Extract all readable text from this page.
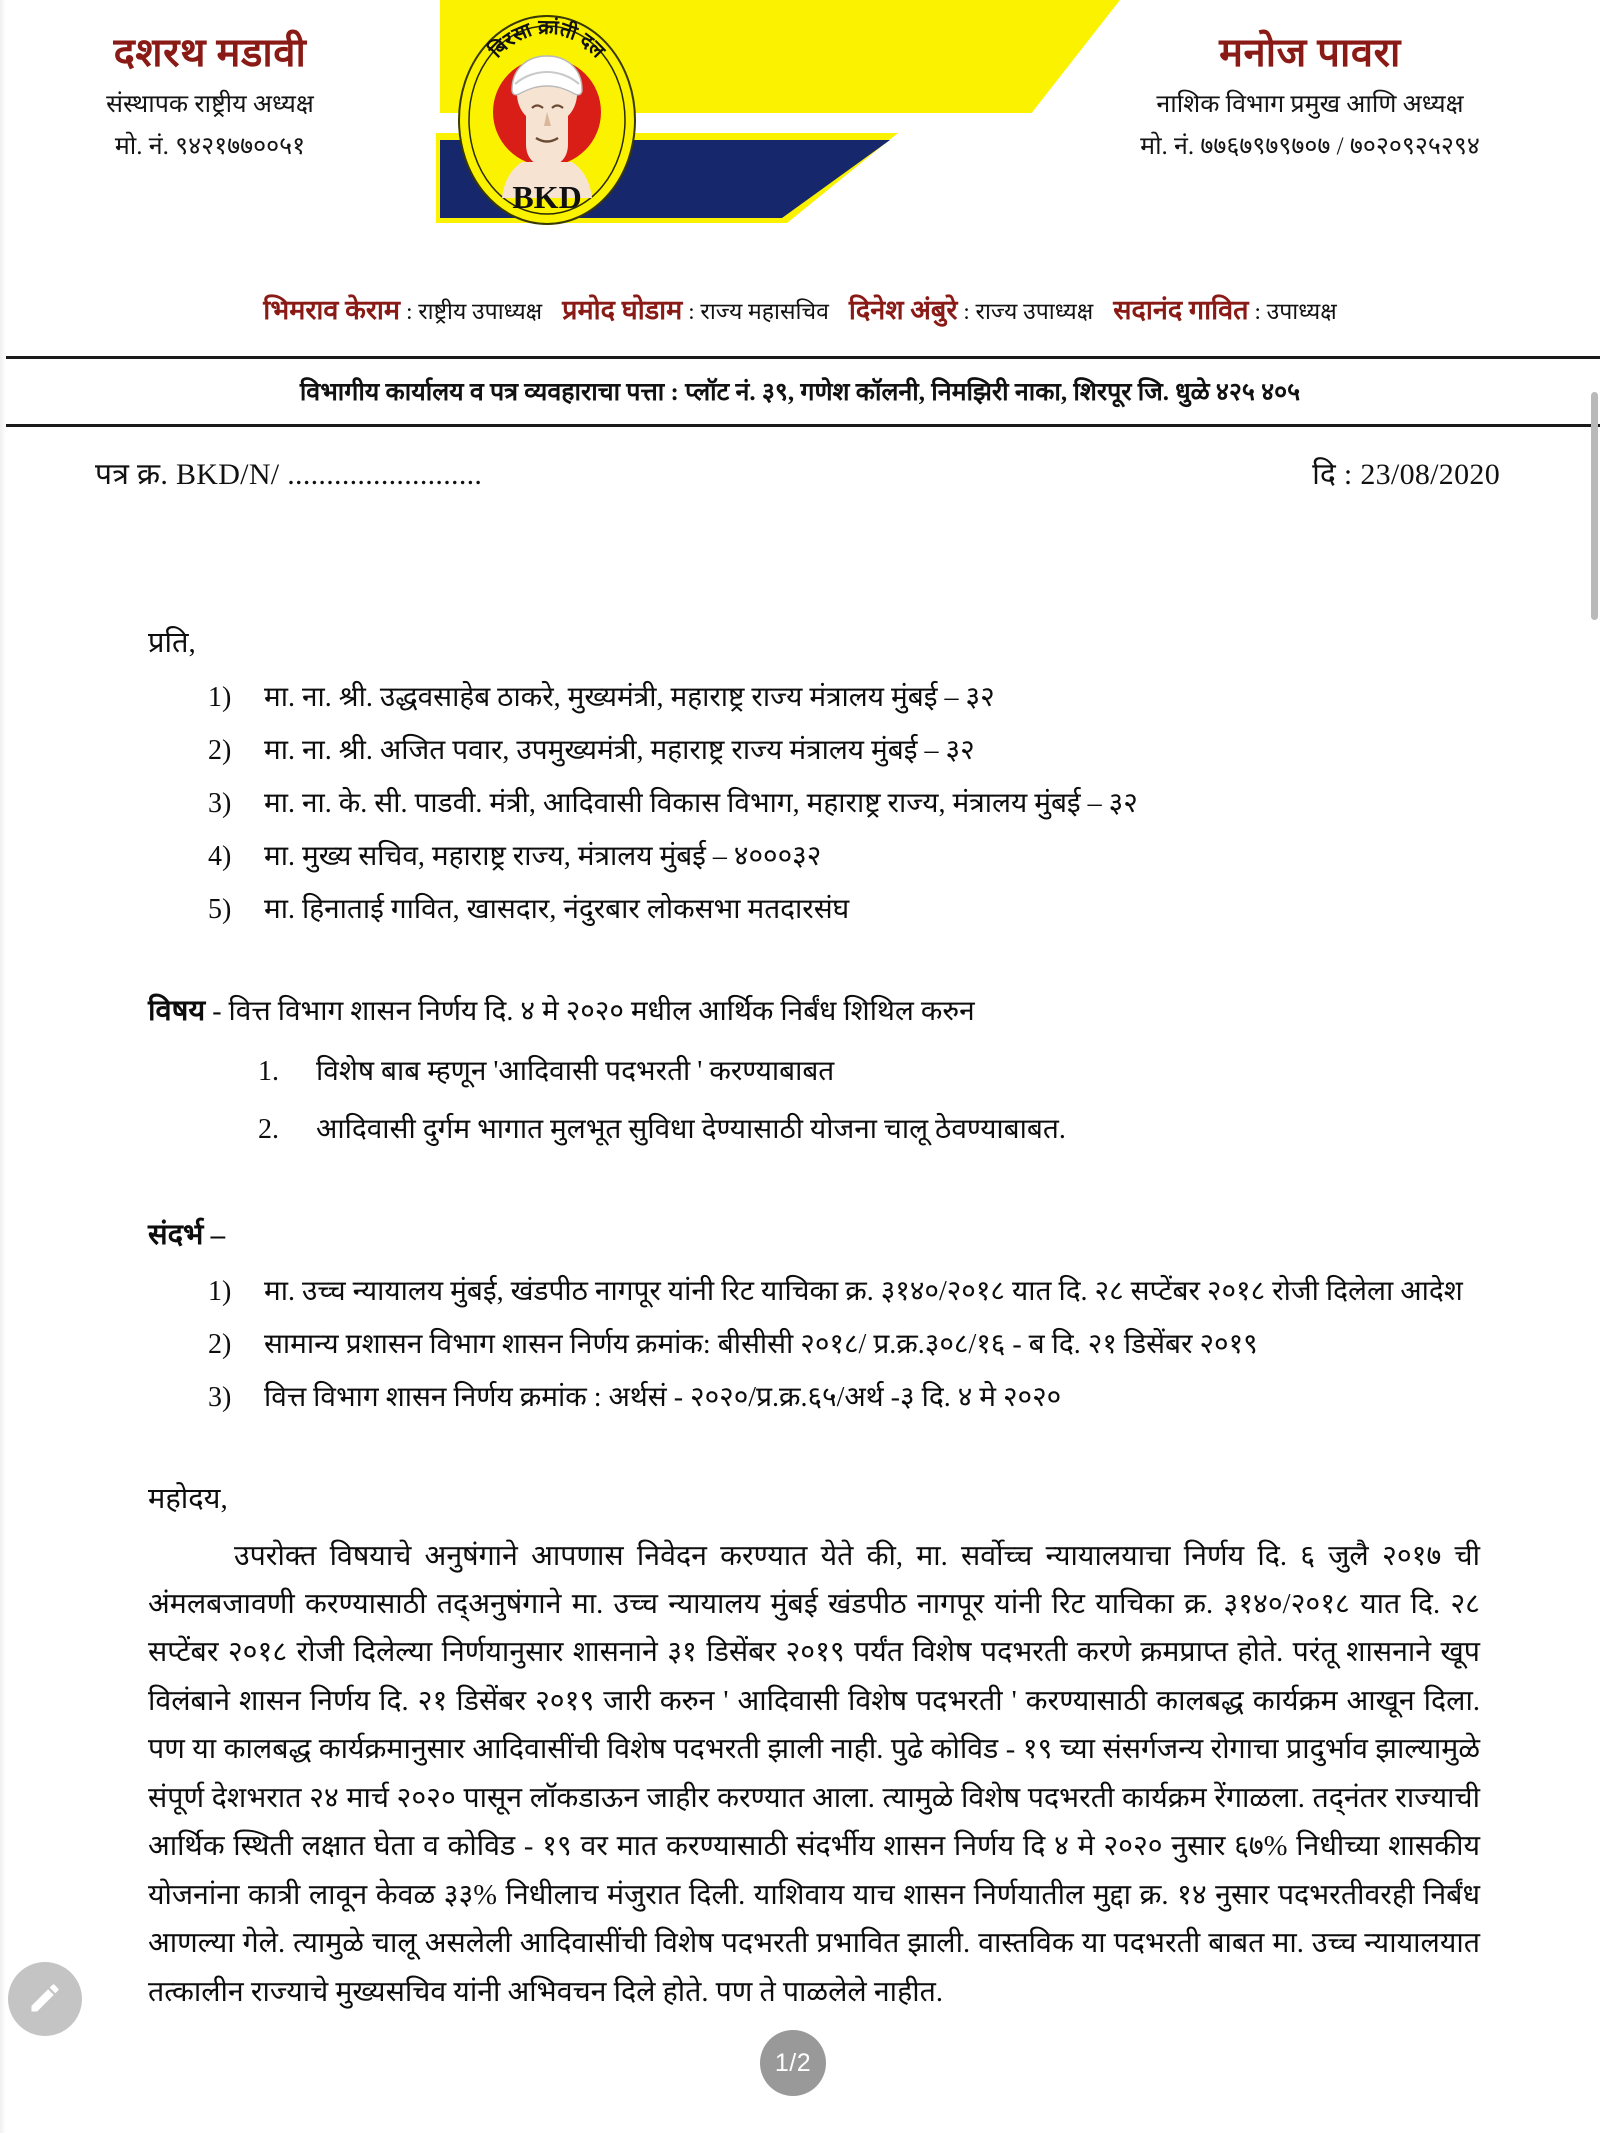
बिरसा क्रांती दल
BKD
दशरथ मडावी
संस्थापक राष्ट्रीय अध्यक्ष
मो. नं. ९४२१७७००५१
मनोज पावरा
नाशिक विभाग प्रमुख आणि अध्यक्ष
मो. नं. ७७६७९७९७०७ / ७०२०९२५२९४
भिमराव केराम : राष्ट्रीय उपाध्यक्ष प्रमोद घोडाम : राज्य महासचिव दिनेश अंबुरे : राज्य उपाध्यक्ष सदानंद गावित : उपाध्यक्ष
विभागीय कार्यालय व पत्र व्यवहाराचा पत्ता : प्लॉट नं. ३९, गणेश कॉलनी, निमझिरी नाका, शिरपूर जि. धुळे ४२५ ४०५
पत्र क्र. BKD/N/ .........................	दि : 23/08/2020
प्रति,
1)	मा. ना. श्री. उद्धवसाहेब ठाकरे, मुख्यमंत्री, महाराष्ट्र राज्य मंत्रालय मुंबई – ३२
2)	मा. ना. श्री. अजित पवार, उपमुख्यमंत्री, महाराष्ट्र राज्य मंत्रालय मुंबई – ३२
3)	मा. ना. के. सी. पाडवी. मंत्री, आदिवासी विकास विभाग, महाराष्ट्र राज्य, मंत्रालय मुंबई – ३२
4)	मा. मुख्य सचिव, महाराष्ट्र राज्य, मंत्रालय मुंबई – ४०००३२
5)	मा. हिनाताई गावित, खासदार, नंदुरबार लोकसभा मतदारसंघ
विषय - वित्त विभाग शासन निर्णय दि. ४ मे २०२० मधील आर्थिक निर्बंध शिथिल करुन
1.	विशेष बाब म्हणून 'आदिवासी पदभरती ' करण्याबाबत
2.	आदिवासी दुर्गम भागात मुलभूत सुविधा देण्यासाठी योजना चालू ठेवण्याबाबत.
संदर्भ –
1)	मा. उच्च न्यायालय मुंबई, खंडपीठ नागपूर यांनी रिट याचिका क्र. ३१४०/२०१८ यात दि. २८ सप्टेंबर २०१८ रोजी दिलेला आदेश
2)	सामान्य प्रशासन विभाग शासन निर्णय क्रमांक: बीसीसी २०१८/ प्र.क्र.३०८/१६ - ब दि. २१ डिसेंबर २०१९
3)	वित्त विभाग शासन निर्णय क्रमांक : अर्थसं - २०२०/प्र.क्र.६५/अर्थ -३ दि. ४ मे २०२०
महोदय,
उपरोक्त विषयाचे अनुषंगाने आपणास निवेदन करण्यात येते की, मा. सर्वोच्च न्यायालयाचा निर्णय दि. ६ जुलै २०१७ ची अंमलबजावणी करण्यासाठी तद्अनुषंगाने मा. उच्च न्यायालय मुंबई खंडपीठ नागपूर यांनी रिट याचिका क्र. ३१४०/२०१८ यात दि. २८ सप्टेंबर २०१८ रोजी दिलेल्या निर्णयानुसार शासनाने ३१ डिसेंबर २०१९ पर्यंत विशेष पदभरती करणे क्रमप्राप्त होते. परंतू शासनाने खूप विलंबाने शासन निर्णय दि. २१ डिसेंबर २०१९ जारी करुन ' आदिवासी विशेष पदभरती ' करण्यासाठी कालबद्ध कार्यक्रम आखून दिला. पण या कालबद्ध कार्यक्रमानुसार आदिवासींची विशेष पदभरती झाली नाही. पुढे कोविड - १९ च्या संसर्गजन्य रोगाचा प्रादुर्भाव झाल्यामुळे संपूर्ण देशभरात २४ मार्च २०२० पासून लॉकडाऊन जाहीर करण्यात आला. त्यामुळे विशेष पदभरती कार्यक्रम रेंगाळला. तद्नंतर राज्याची आर्थिक स्थिती लक्षात घेता व कोविड - १९ वर मात करण्यासाठी संदर्भीय शासन निर्णय दि ४ मे २०२० नुसार ६७% निधीच्या शासकीय योजनांना कात्री लावून केवळ ३३% निधीलाच मंजुरात दिली. याशिवाय याच शासन निर्णयातील मुद्दा क्र. १४ नुसार पदभरतीवरही निर्बंध आणल्या गेले. त्यामुळे चालू असलेली आदिवासींची विशेष पदभरती प्रभावित झाली. वास्तविक या पदभरती बाबत मा. उच्च न्यायालयात तत्कालीन राज्याचे मुख्यसचिव यांनी अभिवचन दिले होते. पण ते पाळलेले नाहीत.
1/2
